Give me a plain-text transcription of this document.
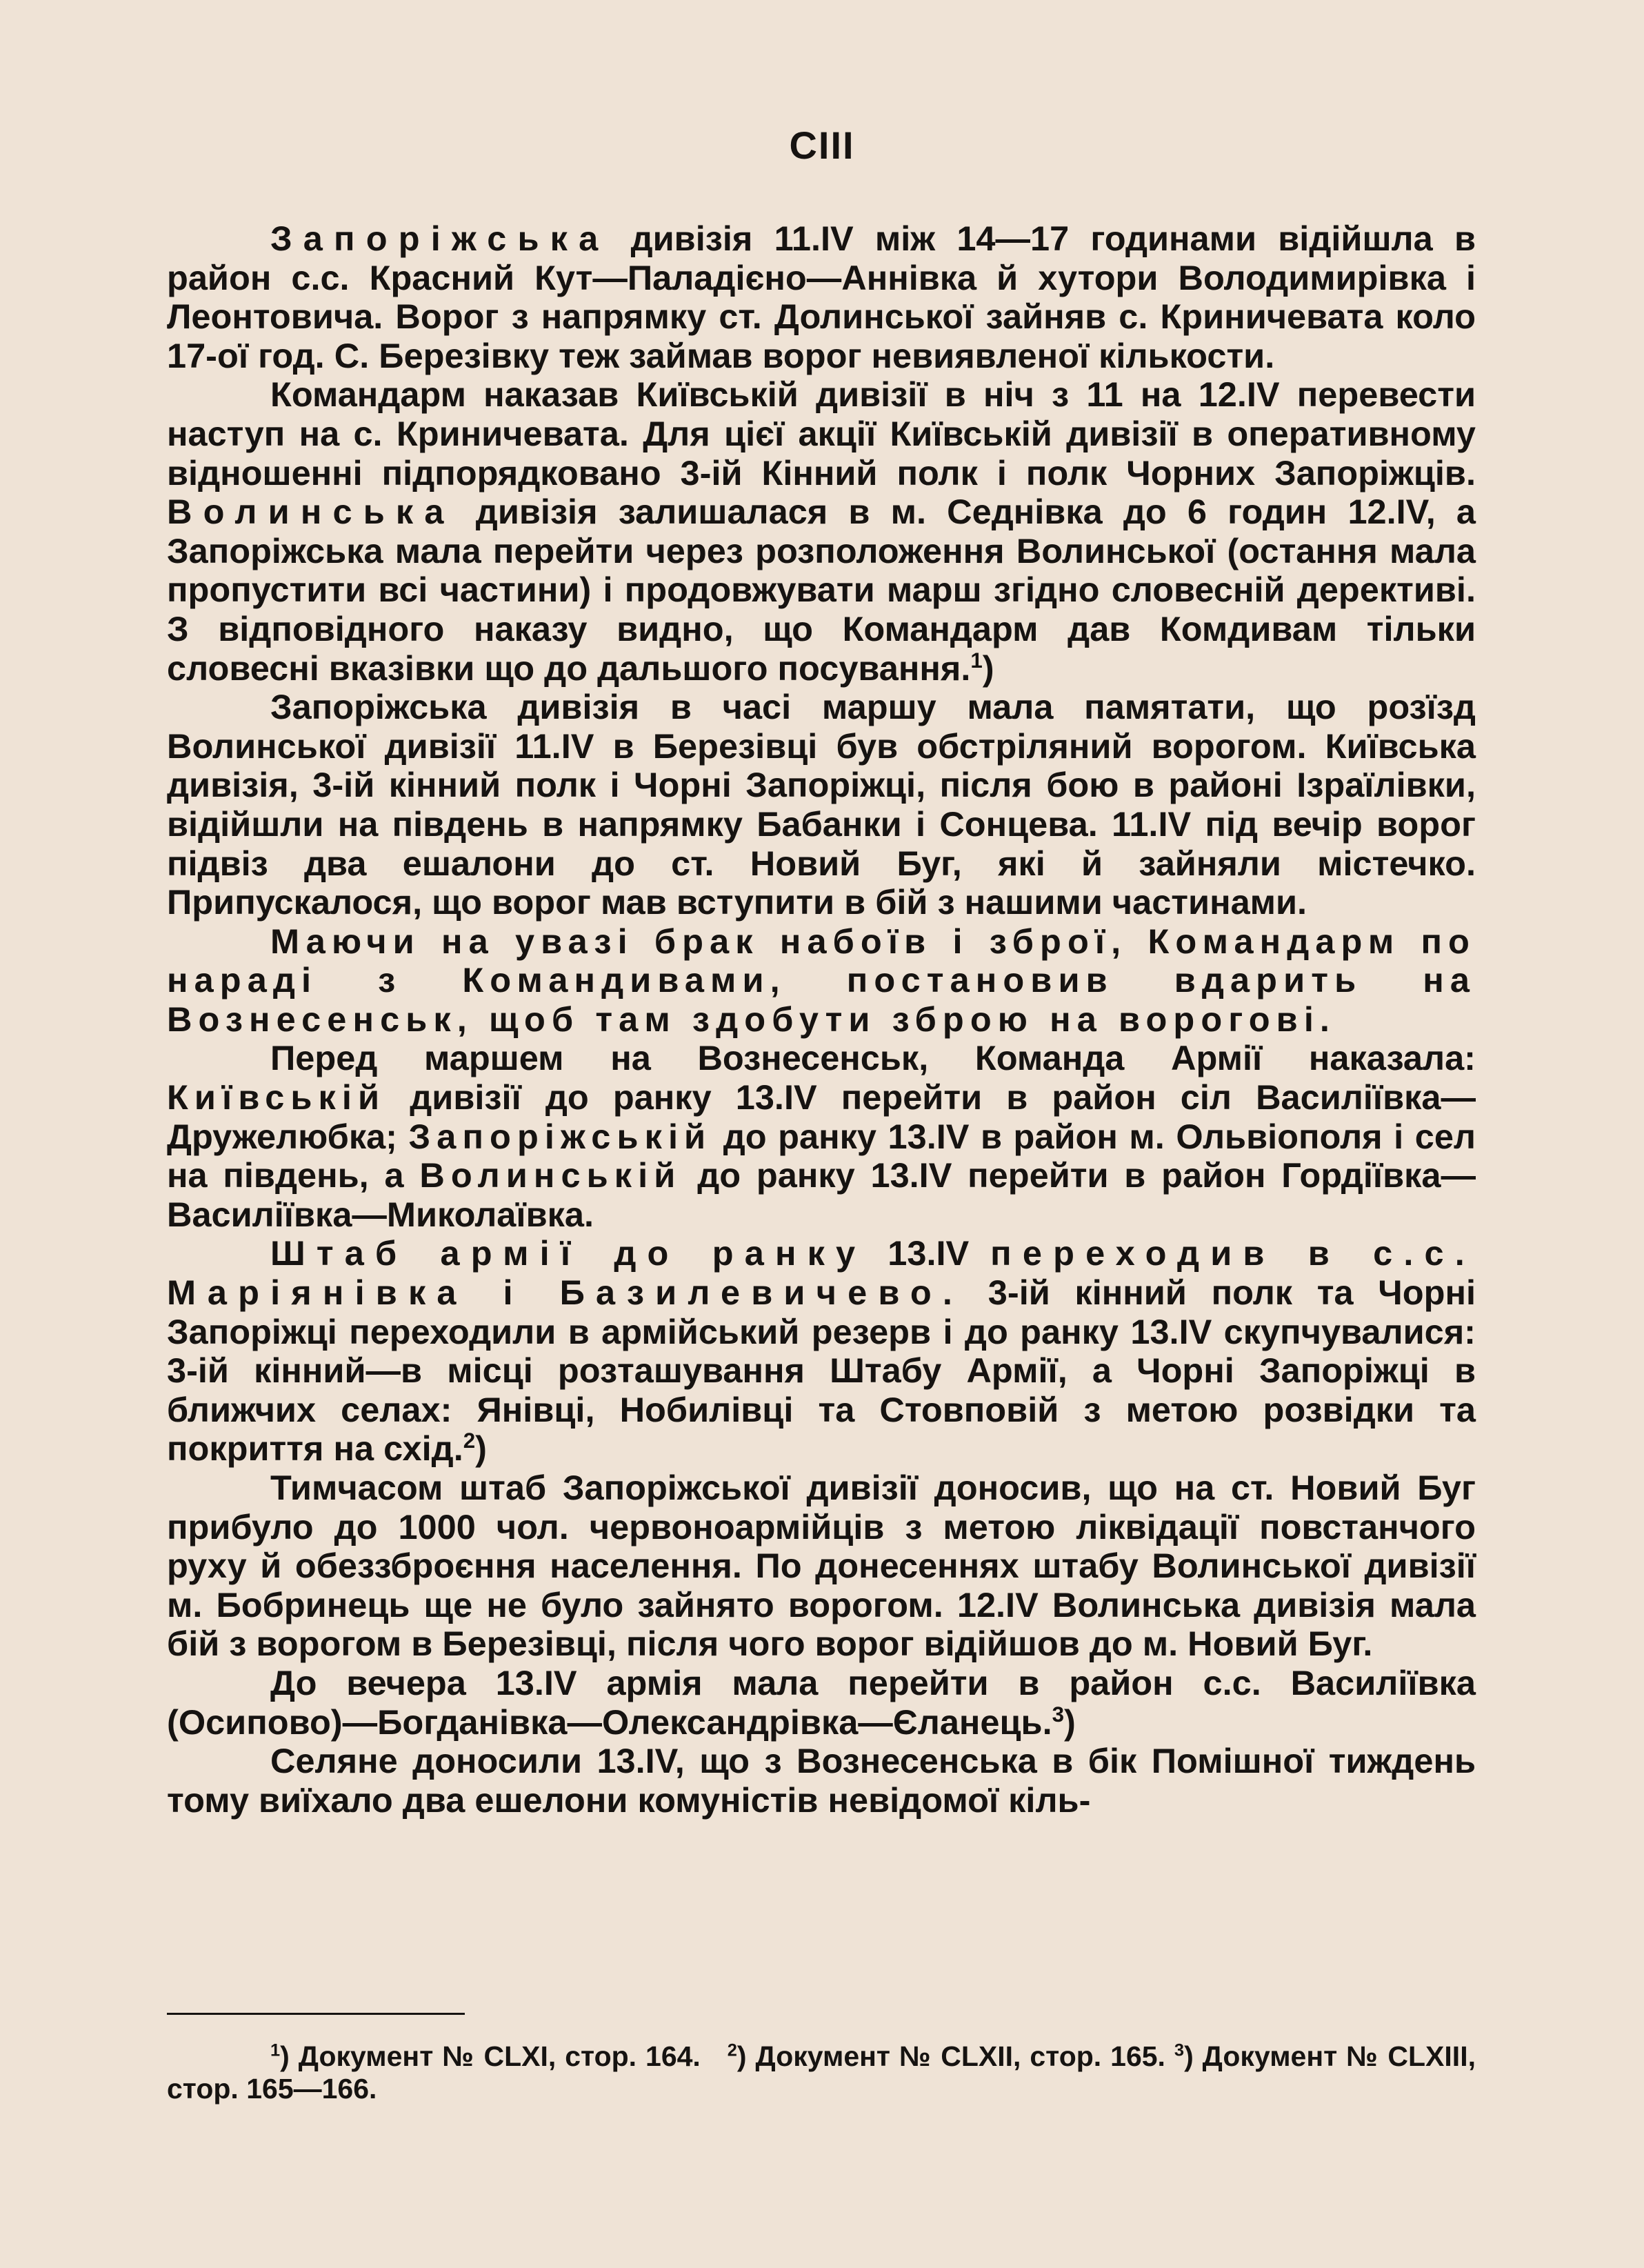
CIII

Запоріжська дивізія 11.IV між 14—17 годинами відійшла в район с.с. Красний Кут—Паладієно—Аннівка й хутори Володимирівка і Леонтовича. Ворог з напрямку ст. Долинської зайняв с. Криничевата коло 17-ої год. С. Березівку теж займав ворог невиявленої кількости.

Командарм наказав Київській дивізії в ніч з 11 на 12.IV перевести наступ на с. Криничевата. Для цієї акції Київській дивізії в оперативному відношенні підпорядковано 3-ій Кінний полк і полк Чорних Запоріжців. Волинська дивізія залишалася в м. Седнівка до 6 годин 12.IV, а Запоріжська мала перейти через розположення Волинської (остання мала пропустити всі частини) і продовжувати марш згідно словесній дерективі. З відповідного наказу видно, що Командарм дав Комдивам тільки словесні вказівки що до дальшого посування.$^1$)

Запоріжська дивізія в часі маршу мала памятати, що розїзд Волинської дивізії 11.IV в Березівці був обстріляний ворогом. Київська дивізія, 3-ій кінний полк і Чорні Запоріжці, після бою в районі Ізраїлівки, відійшли на південь в напрямку Бабанки і Сонцева. 11.IV під вечір ворог підвіз два ешалони до ст. Новий Буг, які й зайняли містечко. Припускалося, що ворог мав вступити в бій з нашими частинами.

Маючи на увазі брак набоїв і зброї, Командарм по нараді з Командивами, постановив вдарить на Вознесенськ, щоб там здобути зброю на ворогові.

Перед маршем на Вознесенськ, Команда Армії наказала: Київській дивізії до ранку 13.IV перейти в район сіл Василіївка—Дружелюбка; Запоріжській до ранку 13.IV в район м. Ольвіополя і сел на південь, а Волинській до ранку 13.IV перейти в район Гордіївка—Василіївка—Миколаївка.

Штаб армії до ранку 13.IV переходив в с.с. Маріянівка і Базилевичево. 3-ій кінний полк та Чорні Запоріжці переходили в армійський резерв і до ранку 13.IV скупчувалися: 3-ій кінний—в місці розташування Штабу Армії, а Чорні Запоріжці в ближчих селах: Янівці, Нобилівці та Стовповій з метою розвідки та покриття на схід.$^2$)

Тимчасом штаб Запоріжської дивізії доносив, що на ст. Новий Буг прибуло до 1000 чол. червоноармійців з метою ліквідації повстанчого руху й обеззброєння населення. По донесеннях штабу Волинської дивізії м. Бобринець ще не було зайнято ворогом. 12.IV Волинська дивізія мала бій з ворогом в Березівці, після чого ворог відійшов до м. Новий Буг.

До вечера 13.IV армія мала перейти в район с.с. Василіївка (Осипово)—Богданівка—Олександрівка—Єланець.$^3$)

Селяне доносили 13.IV, що з Вознесенська в бік Помішної тиждень тому виїхало два ешелони комуністів невідомої кіль-

$^1$) Документ № CLXI, стор. 164. $^2$) Документ № CLXII, стор. 165. $^3$) Документ № CLXIII, стор. 165—166.
